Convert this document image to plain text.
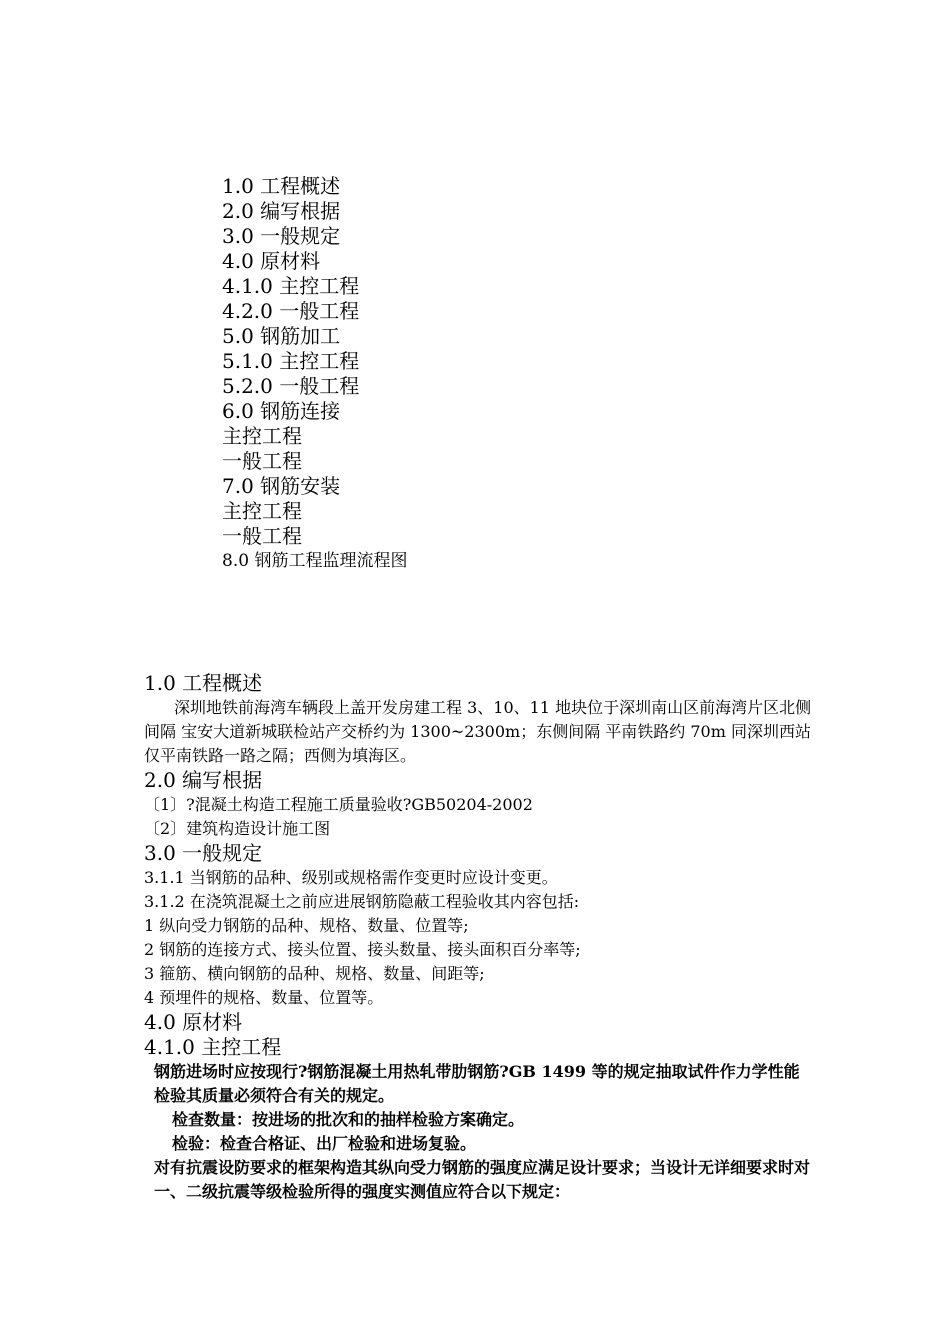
1.0 工程概述
2.0 编写根据
3.0 一般规定
4.0 原材料
4.1.0 主控工程
4.2.0 一般工程
5.0 钢筋加工
5.1.0 主控工程
5.2.0 一般工程
6.0 钢筋连接
主控工程
一般工程
7.0 钢筋安装
主控工程
一般工程
8.0 钢筋工程监理流程图
1.0 工程概述
深圳地铁前海湾车辆段上盖开发房建工程 3、10、11 地块位于深圳南山区前海湾片区北侧间隔 宝安大道新城联检站产交桥约为 1300~2300m；东侧间隔 平南铁路约 70m 同深圳西站仅平南铁路一路之隔；西侧为填海区。
2.0 编写根据
〔1〕?混凝土构造工程施工质量验收?GB50204-2002
〔2〕建筑构造设计施工图
3.0 一般规定
3.1.1 当钢筋的品种、级别或规格需作变更时应设计变更。
3.1.2 在浇筑混凝土之前应进展钢筋隐蔽工程验收其内容包括:
1 纵向受力钢筋的品种、规格、数量、位置等;
2 钢筋的连接方式、接头位置、接头数量、接头面积百分率等;
3 箍筋、横向钢筋的品种、规格、数量、间距等;
4 预埋件的规格、数量、位置等。
4.0 原材料
4.1.0 主控工程
钢筋进场时应按现行?钢筋混凝土用热轧带肋钢筋?GB 1499 等的规定抽取试件作力学性能检验其质量必须符合有关的规定。
检查数量：按进场的批次和的抽样检验方案确定。
检验：检查合格证、出厂检验和进场复验。
对有抗震设防要求的框架构造其纵向受力钢筋的强度应满足设计要求；当设计无详细要求时对一、二级抗震等级检验所得的强度实测值应符合以下规定：
